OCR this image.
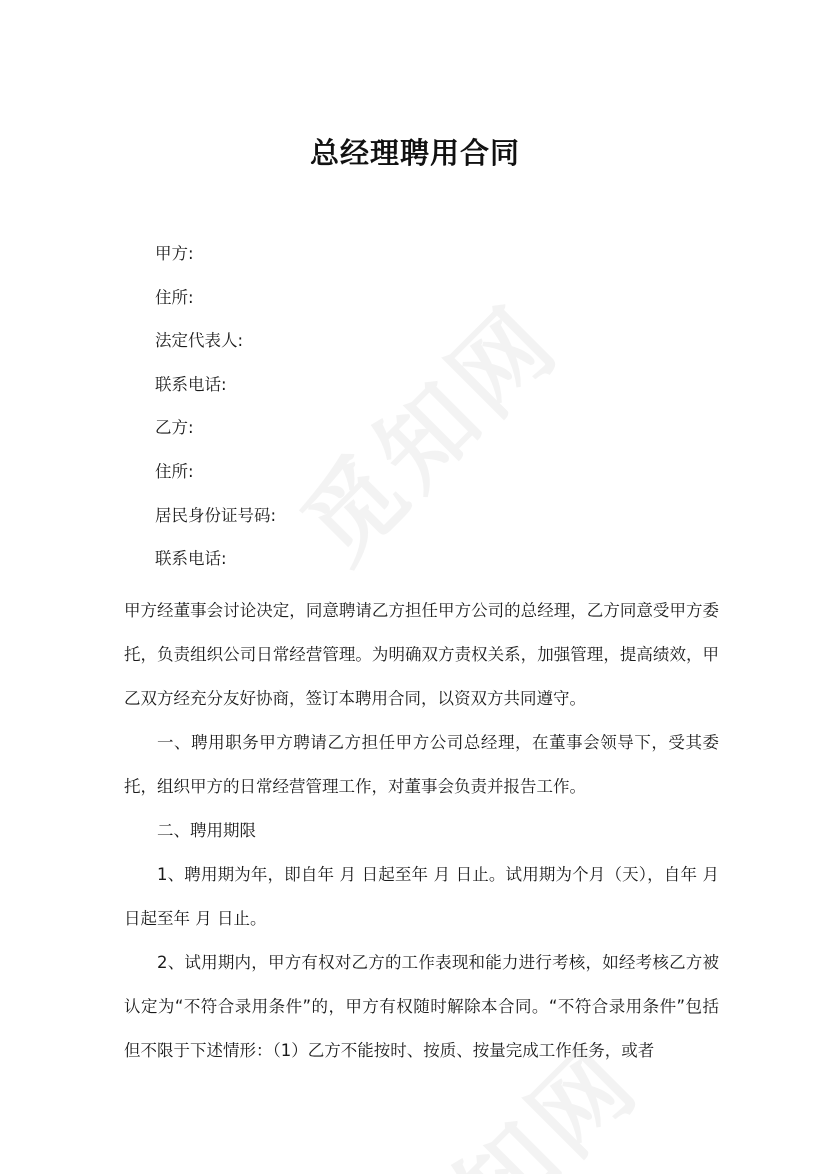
总经理聘用合同
甲方:
住所:
法定代表人:
联系电话:
乙方:
住所:
居民身份证号码:
联系电话:

甲方经董事会讨论决定，同意聘请乙方担任甲方公司的总经理，乙方同意受甲方委托，负责组织公司日常经营管理。为明确双方责权关系，加强管理，提高绩效，甲乙双方经充分友好协商，签订本聘用合同，以资双方共同遵守。

一、聘用职务甲方聘请乙方担任甲方公司总经理，在董事会领导下，受其委托，组织甲方的日常经营管理工作，对董事会负责并报告工作。

二、聘用期限

1、聘用期为年，即自年 月 日起至年 月 日止。试用期为个月（天），自年 月日起至年 月 日止。

2、试用期内，甲方有权对乙方的工作表现和能力进行考核，如经考核乙方被认定为“不符合录用条件”的，甲方有权随时解除本合同。“不符合录用条件”包括但不限于下述情形：（1）乙方不能按时、按质、按量完成工作任务，或者
